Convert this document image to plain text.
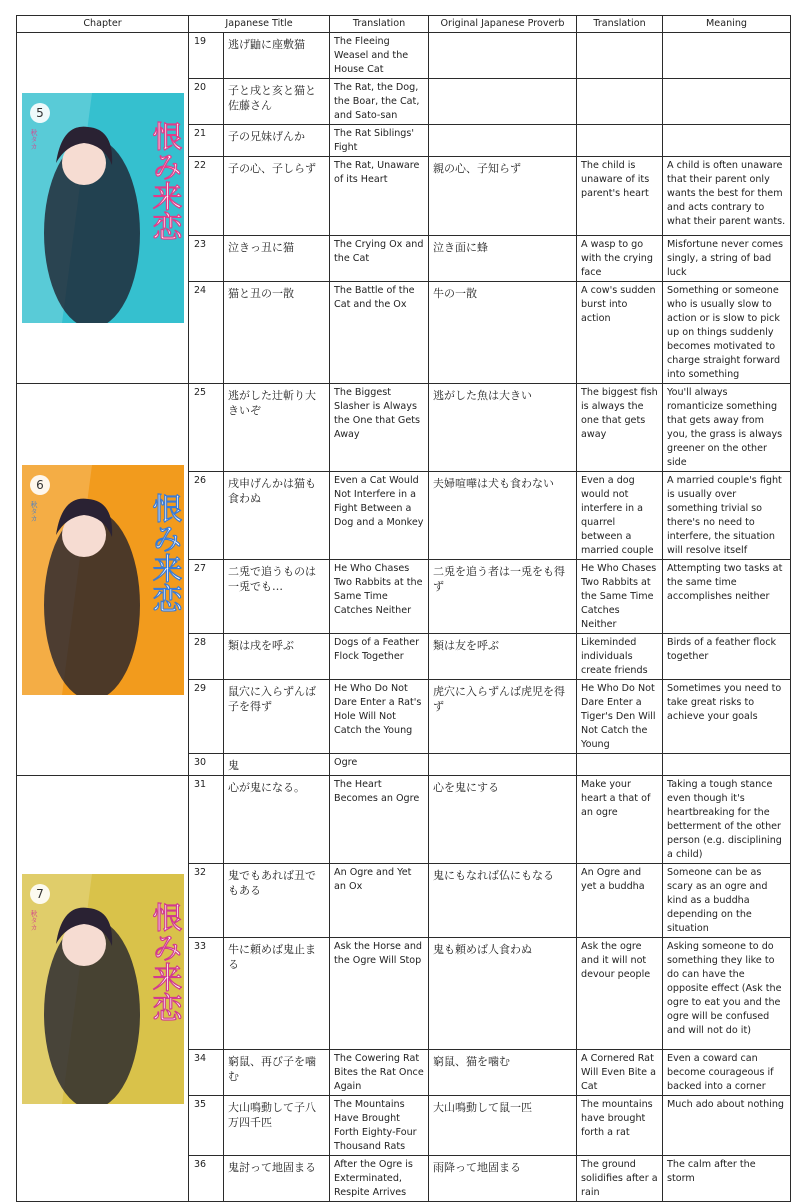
Chapter	Japanese Title		Translation	Original Japanese Proverb	Translation	Meaning

恨み来恋
5
秋タカ	19	逃げ鼬に座敷猫	The Fleeing Weasel and the House Cat			
	20	子と戌と亥と猫と佐藤さん	The Rat, the Dog, the Boar, the Cat, and Sato-san			
	21	子の兄妹げんか	The Rat Siblings' Fight			
	22	子の心、子しらず	The Rat, Unaware of its Heart	親の心、子知らず	The child is unaware of its parent's heart	A child is often unaware that their parent only wants the best for them and acts contrary to what their parent wants.
	23	泣きっ丑に猫	The Crying Ox and the Cat	泣き面に蜂	A wasp to go with the crying face	Misfortune never comes singly, a string of bad luck
	24	猫と丑の一散	The Battle of the Cat and the Ox	牛の一散	A cow's sudden burst into action	Something or someone who is usually slow to action or is slow to pick up on things suddenly becomes motivated to charge straight forward into something

恨み来恋
6
秋タカ	25	逃がした辻斬り大きいぞ	The Biggest Slasher is Always the One that Gets Away	逃がした魚は大きい	The biggest fish is always the one that gets away	You'll always romanticize something that gets away from you, the grass is always greener on the other side
	26	戌申げんかは猫も食わぬ	Even a Cat Would Not Interfere in a Fight Between a Dog and a Monkey	夫婦喧嘩は犬も食わない	Even a dog would not interfere in a quarrel between a married couple	A married couple's fight is usually over something trivial so there's no need to interfere, the situation will resolve itself
	27	二兎で追うものは一兎でも…	He Who Chases Two Rabbits at the Same Time Catches Neither	二兎を追う者は一兎をも得ず	He Who Chases Two Rabbits at the Same Time Catches Neither	Attempting two tasks at the same time accomplishes neither
	28	類は戌を呼ぶ	Dogs of a Feather Flock Together	類は友を呼ぶ	Likeminded individuals create friends	Birds of a feather flock together
	29	鼠穴に入らずんば子を得ず	He Who Do Not Dare Enter a Rat's Hole Will Not Catch the Young	虎穴に入らずんば虎児を得ず	He Who Do Not Dare Enter a Tiger's Den Will Not Catch the Young	Sometimes you need to take great risks to achieve your goals
	30	鬼	Ogre			

恨み来恋
7
秋タカ	31	心が鬼になる。	The Heart Becomes an Ogre	心を鬼にする	Make your heart a that of an ogre	Taking a tough stance even though it's heartbreaking for the betterment of the other person (e.g. disciplining a child)
	32	鬼でもあれば丑でもある	An Ogre and Yet an Ox	鬼にもなれば仏にもなる	An Ogre and yet a buddha	Someone can be as scary as an ogre and kind as a buddha depending on the situation
	33	牛に頼めば鬼止まる	Ask the Horse and the Ogre Will Stop	鬼も頼めば人食わぬ	Ask the ogre and it will not devour people	Asking someone to do something they like to do can have the opposite effect (Ask the ogre to eat you and the ogre will be confused and will not do it)
	34	窮鼠、再び子を噛む	The Cowering Rat Bites the Rat Once Again	窮鼠、猫を噛む	A Cornered Rat Will Even Bite a Cat	Even a coward can become courageous if backed into a corner
	35	大山鳴動して子八万四千匹	The Mountains Have Brought Forth Eighty-Four Thousand Rats	大山鳴動して鼠一匹	The mountains have brought forth a rat	Much ado about nothing
	36	鬼討って地固まる	After the Ogre is Exterminated, Respite Arrives	雨降って地固まる	The ground solidifies after a rain	The calm after the storm
